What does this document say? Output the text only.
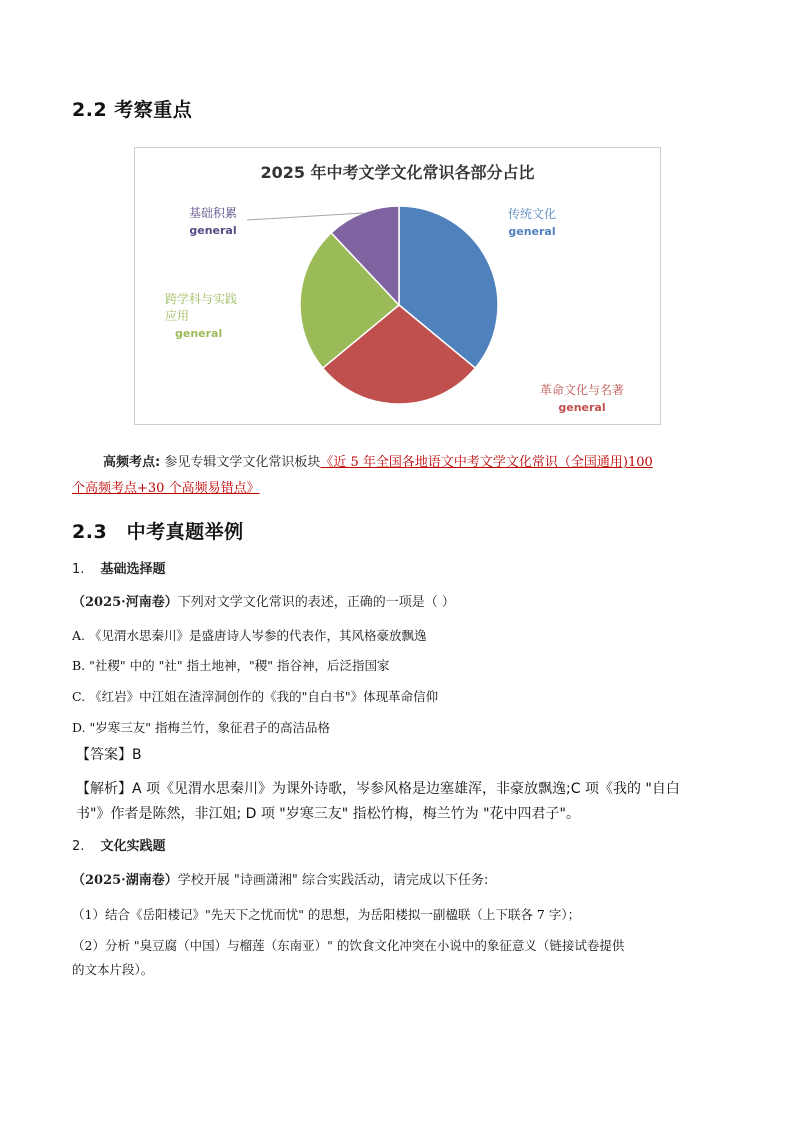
2.2 考察重点
2025 年中考文学文化常识各部分占比
传统文化
general
革命文化与名著
general
跨学科与实践应用 general
基础积累
general
高频考点: 参见专辑文学文化常识板块《近 5 年全国各地语文中考文学文化常识（全国通用)100
个高频考点+30 个高频易错点》
2.3　中考真题举例
1. 基础选择题
（2025·河南卷）下列对文学文化常识的表述，正确的一项是（ ）
A. 《见渭水思秦川》是盛唐诗人岑参的代表作，其风格豪放飘逸
B. "社稷" 中的 "社" 指土地神，"稷" 指谷神，后泛指国家
C. 《红岩》中江姐在渣滓洞创作的《我的"自白书"》体现革命信仰
D. "岁寒三友" 指梅兰竹，象征君子的高洁品格
【答案】B
【解析】A 项《见渭水思秦川》为课外诗歌，岑参风格是边塞雄浑，非豪放飘逸;C 项《我的 "自白
书"》作者是陈然，非江姐; D 项 "岁寒三友" 指松竹梅，梅兰竹为 "花中四君子"。
2. 文化实践题
（2025·湖南卷）学校开展 "诗画潇湘" 综合实践活动，请完成以下任务:
（1）结合《岳阳楼记》"先天下之忧而忧" 的思想，为岳阳楼拟一副楹联（上下联各 7 字）；
（2）分析 "臭豆腐（中国）与榴莲（东南亚）" 的饮食文化冲突在小说中的象征意义（链接试卷提供
的文本片段）。
